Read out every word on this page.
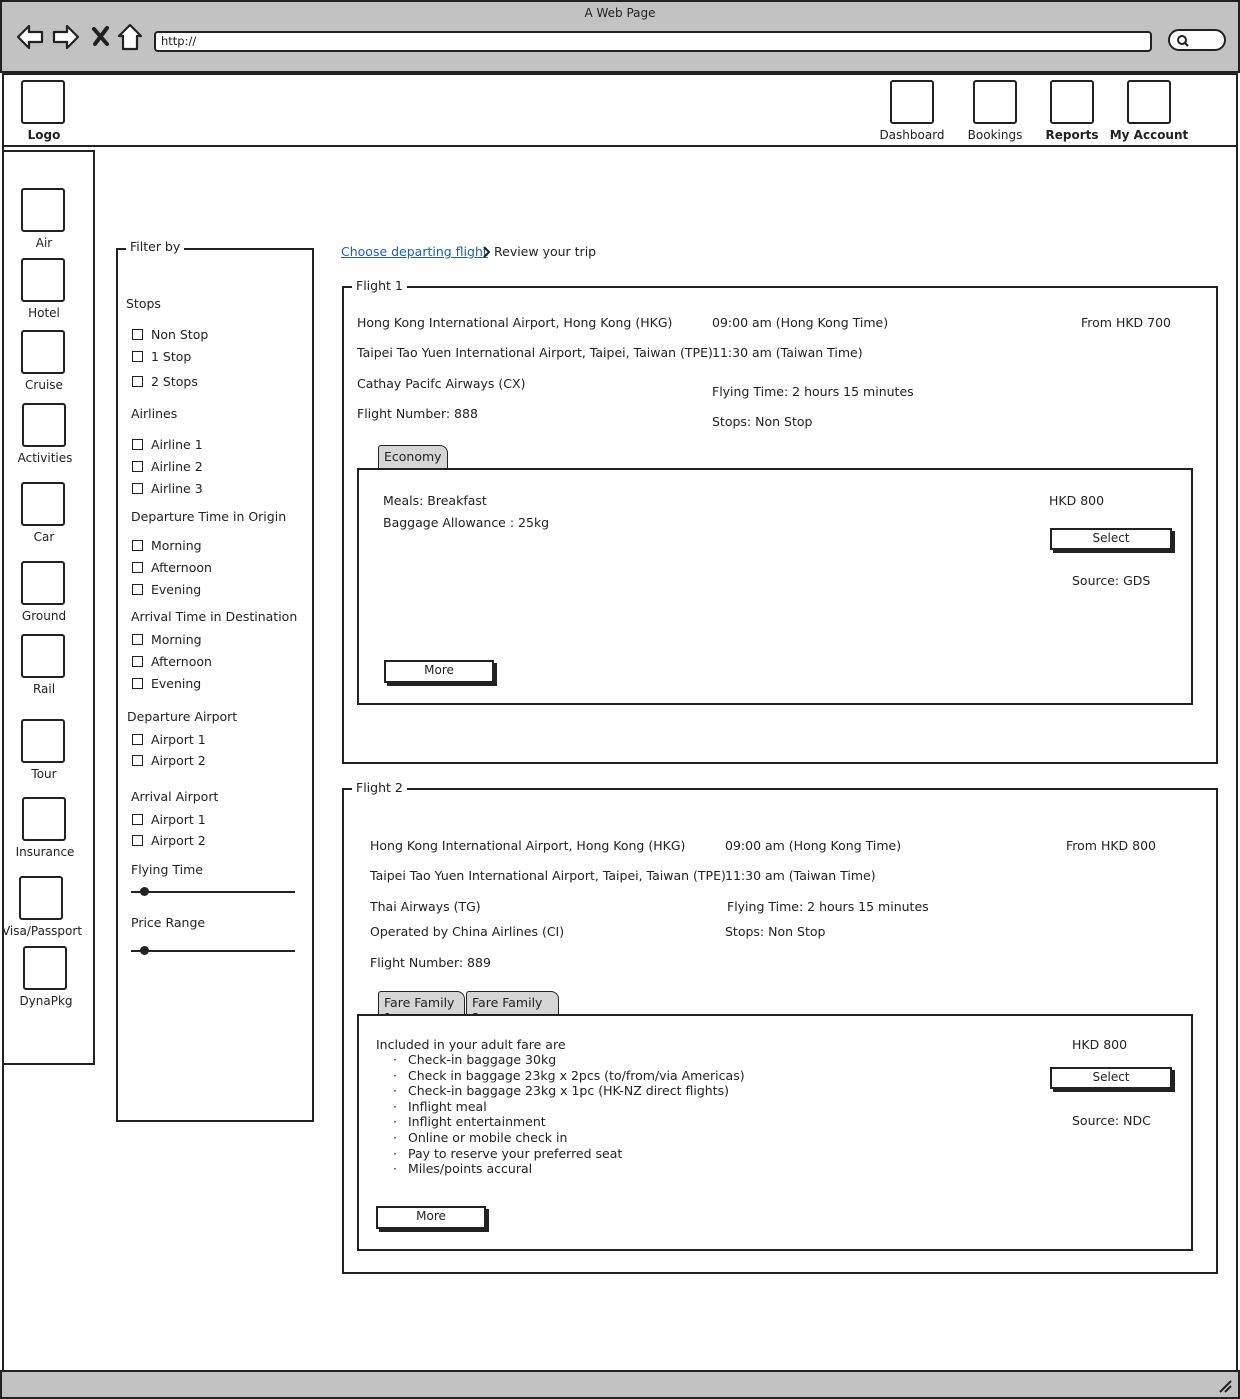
A Web Page
http://
Logo	Dashboard	Bookings	Reports My Account
Air
Hotel
Cruise
Activities
Car
Ground
Rail
Tour
Insurance
Visa/Passport
DynaPkg
Filter by
Stops
Non Stop
1 Stop
2 Stops
Airlines
Airline 1
Airline 2
Airline 3
Departure Time in Origin
Morning
Afternoon
Evening
Arrival Time in Destination
Morning
Afternoon
Evening
Departure Airport
Airport 1
Airport 2
Arrival Airport
Airport 1
Airport 2
Flying Time
Price Range
Choose departing flight Review your trip
Flight 1
Hong Kong International Airport, Hong Kong (HKG)
Taipei Tao Yuen International Airport, Taipei, Taiwan (TPE)
Cathay Pacifc Airways (CX)
Flight Number: 888
09:00 am (Hong Kong Time)
11:30 am (Taiwan Time)
Flying Time: 2 hours 15 minutes
Stops: Non Stop
From HKD 700
Economy
Meals: Breakfast
Baggage Allowance : 25kg
HKD 800
Select
Source: GDS
More
Flight 2
Hong Kong International Airport, Hong Kong (HKG)
Taipei Tao Yuen International Airport, Taipei, Taiwan (TPE)
Thai Airways (TG)
Operated by China Airlines (CI)
Flight Number: 889
09:00 am (Hong Kong Time)
11:30 am (Taiwan Time)
Flying Time: 2 hours 15 minutes
Stops: Non Stop
From HKD 800
Fare Family	Fare Family
Included in your adult fare are
· Check-in baggage 30kg
· Check in baggage 23kg x 2pcs (to/from/via Americas)
· Check-in baggage 23kg x 1pc (HK-NZ direct flights)
· Inflight meal
· Inflight entertainment
· Online or mobile check in
· Pay to reserve your preferred seat
· Miles/points accural
HKD 800
Select
Source: NDC
More
